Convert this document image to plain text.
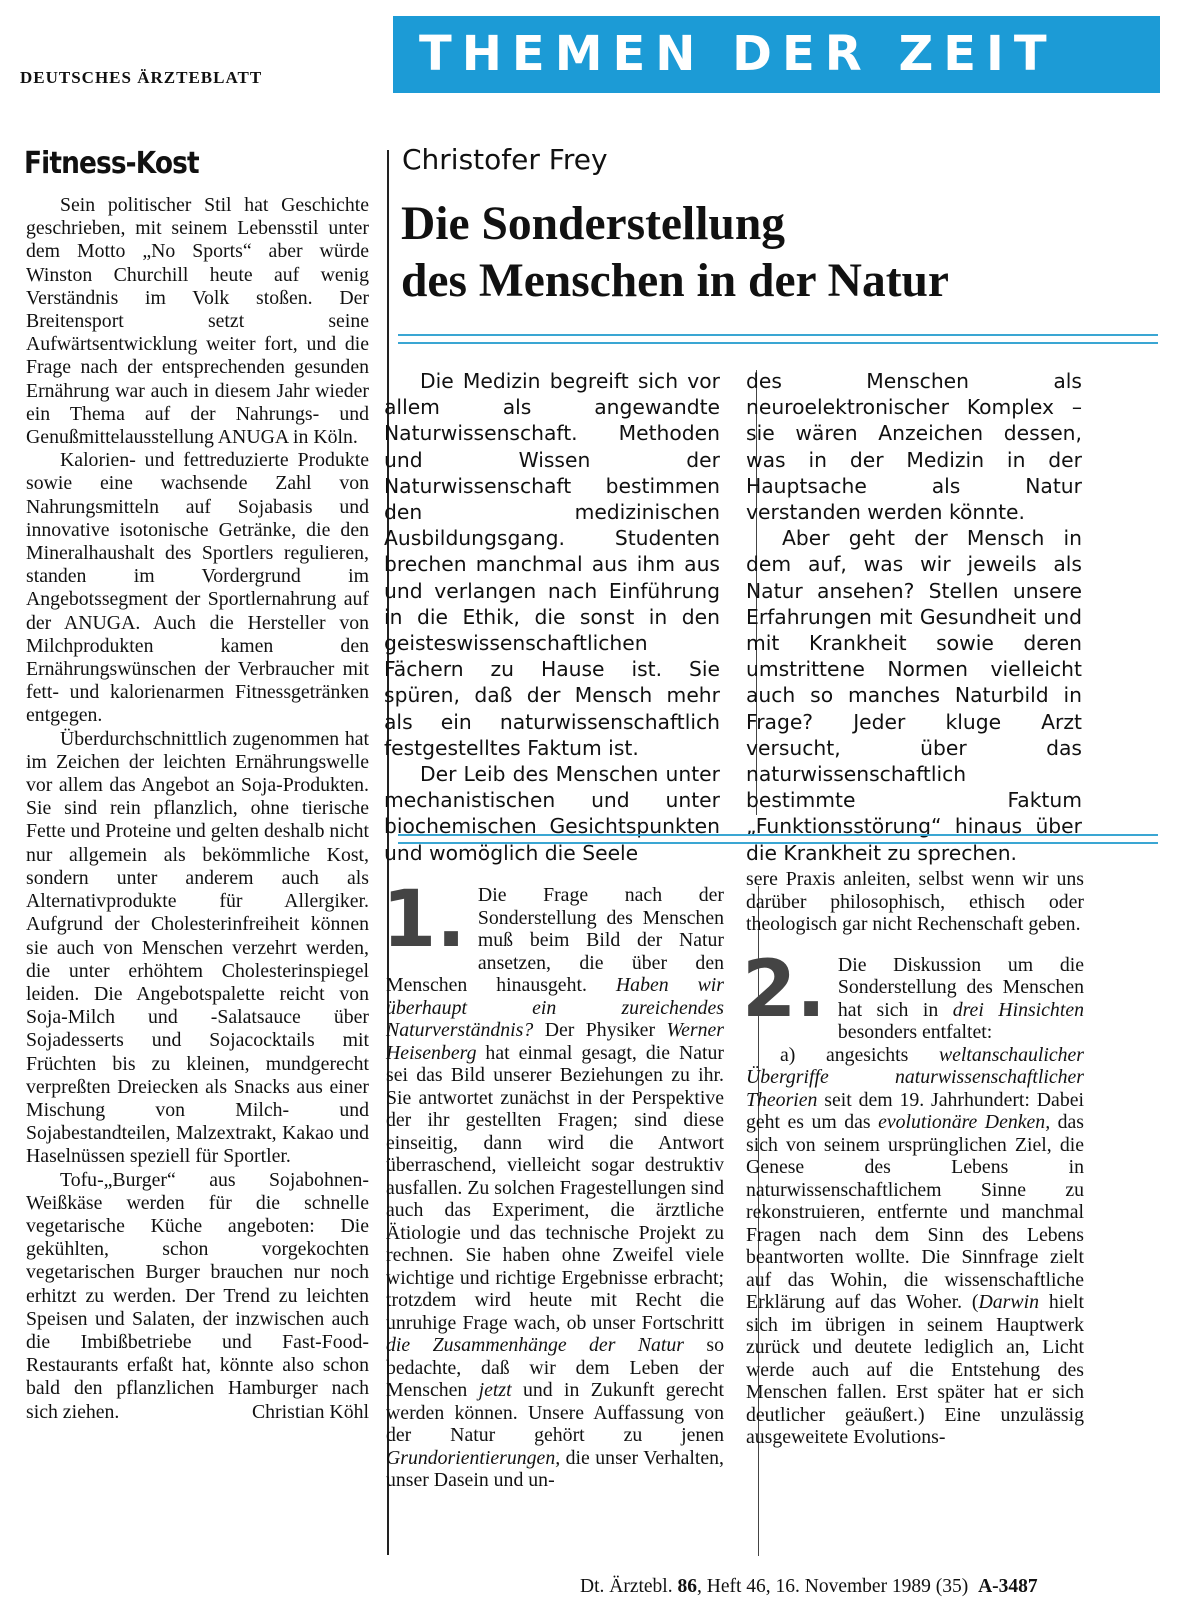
DEUTSCHES ÄRZTEBLATT	THEMEN DER ZEIT
Fitness-Kost

Sein politischer Stil hat Geschichte geschrieben, mit seinem Lebensstil unter dem Motto „No Sports“ aber würde Winston Churchill heute auf wenig Verständnis im Volk stoßen. Der Breitensport setzt seine Aufwärtsentwicklung weiter fort, und die Frage nach der entsprechenden gesunden Ernährung war auch in diesem Jahr wieder ein Thema auf der Nahrungs- und Genußmittelausstellung ANUGA in Köln.

Kalorien- und fettreduzierte Produkte sowie eine wachsende Zahl von Nahrungsmitteln auf Sojabasis und innovative isotonische Getränke, die den Mineralhaushalt des Sportlers regulieren, standen im Vordergrund im Angebotssegment der Sportlernahrung auf der ANUGA. Auch die Hersteller von Milchprodukten kamen den Ernährungswünschen der Verbraucher mit fett- und kalorienarmen Fitnessgetränken entgegen.

Überdurchschnittlich zugenommen hat im Zeichen der leichten Ernährungswelle vor allem das Angebot an Soja-Produkten. Sie sind rein pflanzlich, ohne tierische Fette und Proteine und gelten deshalb nicht nur allgemein als bekömmliche Kost, sondern unter anderem auch als Alternativprodukte für Allergiker. Aufgrund der Cholesterinfreiheit können sie auch von Menschen verzehrt werden, die unter erhöhtem Cholesterinspiegel leiden. Die Angebotspalette reicht von Soja-Milch und -Salatsauce über Sojadesserts und Sojacocktails mit Früchten bis zu kleinen, mundgerecht verpreßten Dreiecken als Snacks aus einer Mischung von Milch- und Sojabestandteilen, Malzextrakt, Kakao und Haselnüssen speziell für Sportler.

Tofu-„Burger“ aus Sojabohnen-Weißkäse werden für die schnelle vegetarische Küche angeboten: Die gekühlten, schon vorgekochten vegetarischen Burger brauchen nur noch erhitzt zu werden. Der Trend zu leichten Speisen und Salaten, der inzwischen auch die Imbißbetriebe und Fast-Food-Restaurants erfaßt hat, könnte also schon bald den pflanzlichen Hamburger nach sich ziehen.	Christian Köhl
Christofer Frey
Die Sonderstellung
des Menschen in der Natur

Die Medizin begreift sich vor allem als angewandte Naturwissenschaft. Methoden und Wissen der Naturwissenschaft bestimmen den medizinischen Ausbildungsgang. Studenten brechen manchmal aus ihm aus und verlangen nach Einführung in die Ethik, die sonst in den geisteswissenschaftlichen Fächern zu Hause ist. Sie spüren, daß der Mensch mehr als ein naturwissenschaftlich festgestelltes Faktum ist.

Der Leib des Menschen unter mechanistischen und unter biochemischen Gesichtspunkten und womöglich die Seele

des Menschen als neuroelektronischer Komplex – sie wären Anzeichen dessen, was in der Medizin in der Hauptsache als Natur verstanden werden könnte.

Aber geht der Mensch in dem auf, was wir jeweils als Natur ansehen? Stellen unsere Erfahrungen mit Gesundheit und mit Krankheit sowie deren umstrittene Normen vielleicht auch so manches Naturbild in Frage? Jeder kluge Arzt versucht, über das naturwissenschaftlich bestimmte Faktum „Funktionsstörung“ hinaus über die Krankheit zu sprechen.

1. Die Frage nach der Sonderstellung des Menschen muß beim Bild der Natur ansetzen, die über den Menschen hinausgeht. Haben wir überhaupt ein zureichendes Naturverständnis? Der Physiker Werner Heisenberg hat einmal gesagt, die Natur sei das Bild unserer Beziehungen zu ihr. Sie antwortet zunächst in der Perspektive der ihr gestellten Fragen; sind diese einseitig, dann wird die Antwort überraschend, vielleicht sogar destruktiv ausfallen. Zu solchen Fragestellungen sind auch das Experiment, die ärztliche Ätiologie und das technische Projekt zu rechnen. Sie haben ohne Zweifel viele wichtige und richtige Ergebnisse erbracht; trotzdem wird heute mit Recht die unruhige Frage wach, ob unser Fortschritt die Zusammenhänge der Natur so bedachte, daß wir dem Leben der Menschen jetzt und in Zukunft gerecht werden können. Unsere Auffassung von der Natur gehört zu jenen Grundorientierungen, die unser Verhalten, unser Dasein und un-

sere Praxis anleiten, selbst wenn wir uns darüber philosophisch, ethisch oder theologisch gar nicht Rechenschaft geben.

2. Die Diskussion um die Sonderstellung des Menschen hat sich in drei Hinsichten besonders entfaltet:

a) angesichts weltanschaulicher Übergriffe naturwissenschaftlicher Theorien seit dem 19. Jahrhundert: Dabei geht es um das evolutionäre Denken, das sich von seinem ursprünglichen Ziel, die Genese des Lebens in naturwissenschaftlichem Sinne zu rekonstruieren, entfernte und manchmal Fragen nach dem Sinn des Lebens beantworten wollte. Die Sinnfrage zielt auf das Wohin, die wissenschaftliche Erklärung auf das Woher. (Darwin hielt sich im übrigen in seinem Hauptwerk zurück und deutete lediglich an, Licht werde auch auf die Entstehung des Menschen fallen. Erst später hat er sich deutlicher geäußert.) Eine unzulässig ausgeweitete Evolutions-

Dt. Ärztebl. 86, Heft 46, 16. November 1989 (35) A-3487
